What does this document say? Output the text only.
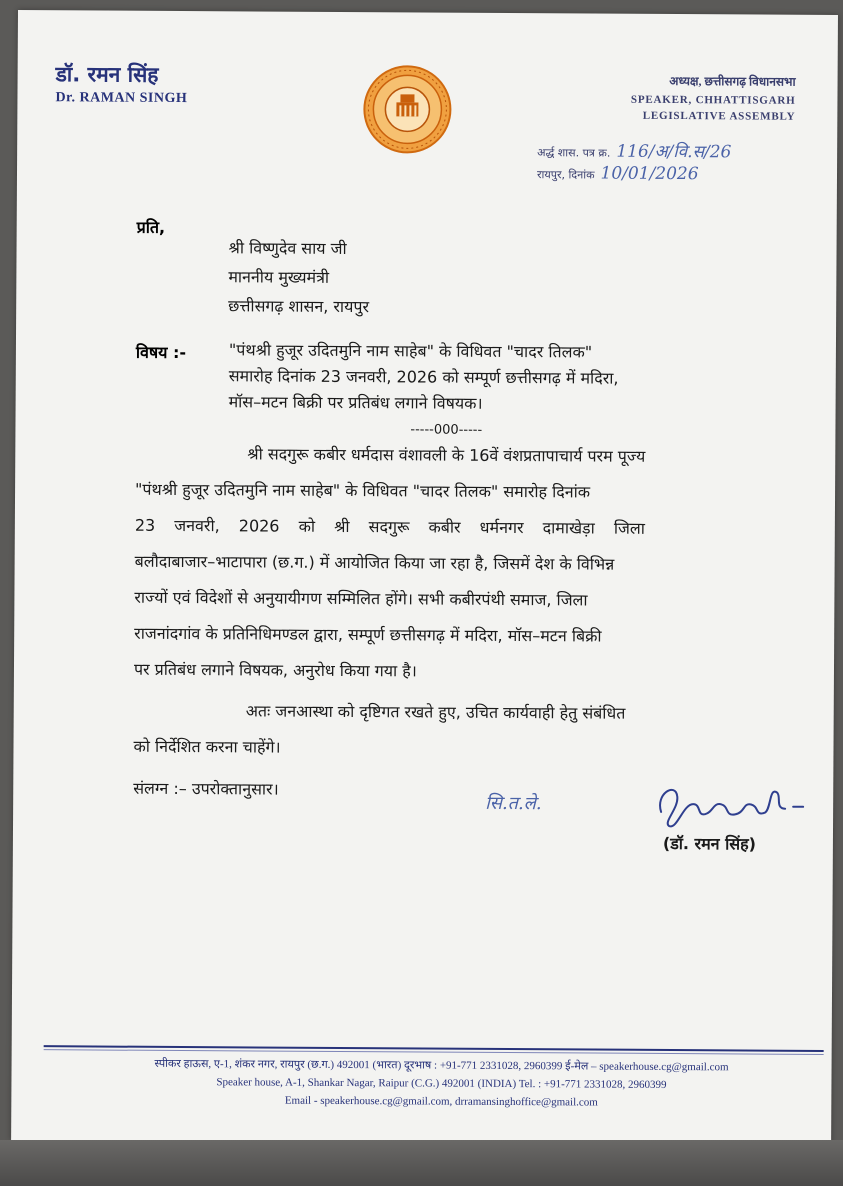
डॉ. रमन सिंह
Dr. RAMAN SINGH
अध्यक्ष, छत्तीसगढ़ विधानसभा
SPEAKER, CHHATTISGARH
LEGISLATIVE ASSEMBLY
अर्द्ध शास. पत्र क्र. 116/अ/वि.स/26
रायपुर, दिनांक 10/01/2026
प्रति,
श्री विष्णुदेव साय जी
माननीय मुख्यमंत्री
छत्तीसगढ़ शासन, रायपुर
विषय :-	"पंथश्री हुजूर उदितमुनि नाम साहेब" के विधिवत "चादर तिलक"
समारोह दिनांक 23 जनवरी, 2026 को सम्पूर्ण छत्तीसगढ़ में मदिरा,
मॉस–मटन बिक्री पर प्रतिबंध लगाने विषयक।
-----000-----
श्री सदगुरू कबीर धर्मदास वंशावली के 16वें वंशप्रतापाचार्य परम पूज्य
"पंथश्री हुजूर उदितमुनि नाम साहेब" के विधिवत "चादर तिलक" समारोह दिनांक
23 जनवरी, 2026 को श्री सदगुरू कबीर धर्मनगर दामाखेड़ा जिला
बलौदाबाजार–भाटापारा (छ.ग.) में आयोजित किया जा रहा है, जिसमें देश के विभिन्न
राज्यों एवं विदेशों से अनुयायीगण सम्मिलित होंगे। सभी कबीरपंथी समाज, जिला
राजनांदगांव के प्रतिनिधिमण्डल द्वारा, सम्पूर्ण छत्तीसगढ़ में मदिरा, मॉस–मटन बिक्री
पर प्रतिबंध लगाने विषयक, अनुरोध किया गया है।
अतः जनआस्था को दृष्टिगत रखते हुए, उचित कार्यवाही हेतु संबंधित
को निर्देशित करना चाहेंगे।
संलग्न :– उपरोक्तानुसार।
सि.त.ले.
(डॉ. रमन सिंह)
स्पीकर हाऊस, ए-1, शंकर नगर, रायपुर (छ.ग.) 492001 (भारत) दूरभाष : +91-771 2331028, 2960399 ई-मेल – speakerhouse.cg@gmail.com
Speaker house, A-1, Shankar Nagar, Raipur (C.G.) 492001 (INDIA) Tel. : +91-771 2331028, 2960399
Email - speakerhouse.cg@gmail.com, drramansinghoffice@gmail.com
